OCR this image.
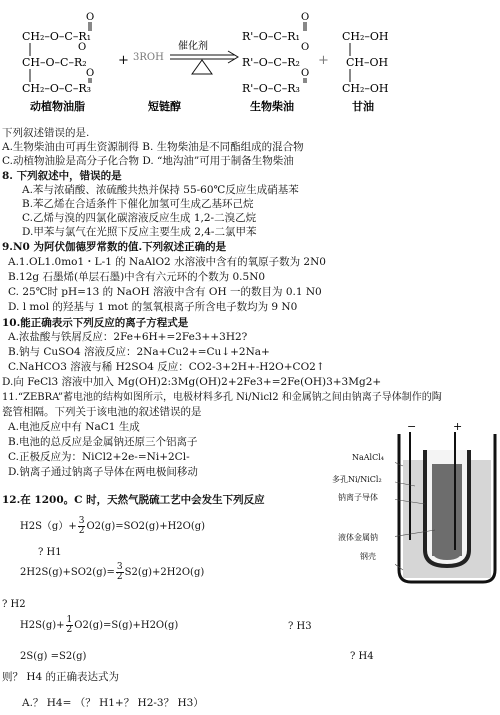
CH₂–O–C–R₁
CH–O–C–R₂
CH₂–O–C–R₃
O
O
O
动植物油脂
+ 3ROH
催化剂
短链醇
R'–O–C–R₁
R'–O–C–R₂
R'–O–C–R₃
O
O
O
生物柴油
+
CH₂–OH
CH–OH
CH₂–OH
甘油
下列叙述错误的是.
A.生物柴油由可再生资源制得 B. 生物柴油是不同酯组成的混合物
C.动植物油脸是高分子化合物 D. “地沟油”可用于制备生物柴油
8. 下列叙述中，错误的是
A.苯与浓硝酸、浓硫酸共热并保持 55-60℃反应生成硝基苯
B.苯乙烯在合适条件下催化加氢可生成乙基环己烷
C.乙烯与溴的四氯化碳溶液反应生成 1,2-二溴乙烷
D.甲苯与氯气在光照下反应主要生成 2,4-二氯甲苯
9.N0 为阿伏伽德罗常数的值.下列叙述正确的是
A.1.OL1.0mo1・L-1 的 NaAlO2 水溶液中含有的氧原子数为 2N0
B.12g 石墨烯(单层石墨)中含有六元环的个数为 0.5N0
C. 25℃时 pH=13 的 NaOH 溶液中含有 OH 一的数目为 0.1 N0
D. l mol 的羟基与 1 mot 的氢氧根离子所含电子数均为 9 N0
10.能正确表示下列反应的离子方程式是
A.浓盐酸与铁屑反应：2Fe+6H+=2Fe3++3H2?
B.钠与 CuSO4 溶液反应：2Na+Cu2+=Cu↓+2Na+
C.NaHCO3 溶液与稀 H2SO4 反应：CO2-3+2H+-H2O+CO2↑
D.向 FeCl3 溶液中加入 Mg(OH)2:3Mg(OH)2+2Fe3+=2Fe(OH)3+3Mg2+
11.“ZEBRA”蓄电池的结构如图所示，电极材料多孔 Ni/Nicl2 和金属钠之间由钠离子导体制作的陶
瓷管相隔。下列关于该电池的叙述错误的是
A.电池反应中有 NaC1 生成
B.电池的总反应是金属钠还原三个铝离子
C.正极反应为：NiCl2+2e-=Ni+2Cl-
D.钠离子通过钠离子导体在两电极间移动
12.在 1200。C 时，天然气脱硫工艺中会发生下列反应
$H2S(g)+ \frac{3}{2} O2(g)=SO2(g)+H2O(g)$
? H1
$2H2S(g)+SO2(g)= \frac{3}{2} S2(g)+2H2O(g)$
? H2
$H2S(g)+ \frac{1}{2} O2(g)=S(g)+H2O(g)$	? H3
2S(g) =S2(g)	? H4
则？ H4 的正确表达式为
A.？ H4= （？ H1+？ H2-3？ H3）
−	+
NaAlCl₄
多孔Ni/NiCl₂
钠离子导体
液体金属钠
钢壳
